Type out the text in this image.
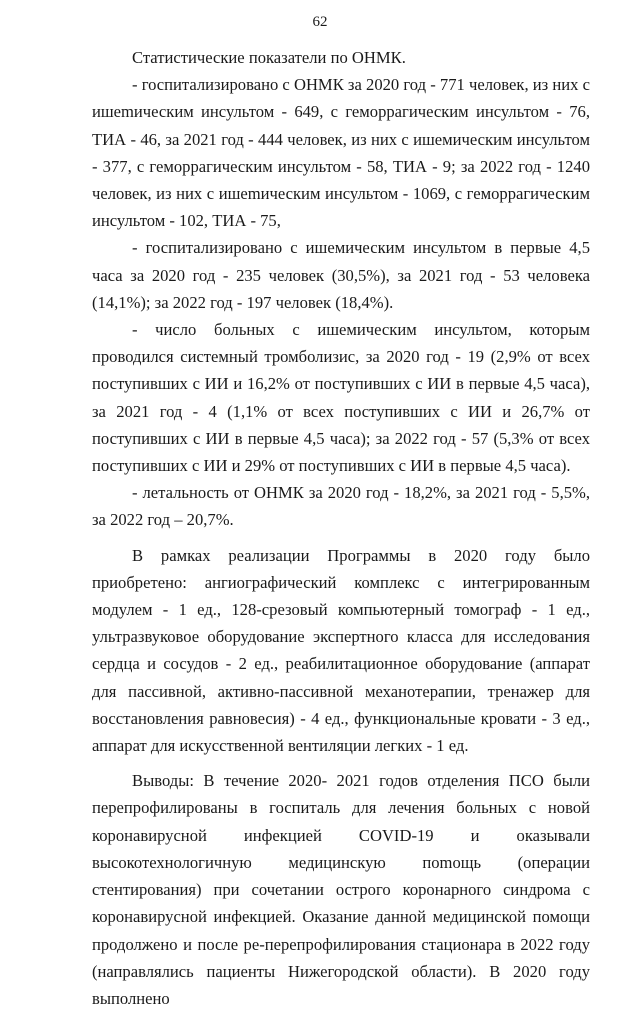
62

Статистические показатели по ОНМК.

- госпитализировано с ОНМК за 2020 год - 771 человек, из них с ишеmическим инсультом - 649, с геморрагическим инсультом - 76, ТИА - 46, за 2021 год - 444 человек, из них с ишемическим инсультом - 377, с геморрагическим инсультом - 58, ТИА - 9; за 2022 год - 1240 человек, из них с ишеmическим инсультом - 1069, с геморрагическим инсультом - 102, ТИА - 75,

- госпитализировано с ишемическим инсультом в первые 4,5 часа за 2020 год - 235 человек (30,5%), за 2021 год - 53 человека (14,1%); за 2022 год - 197 человек (18,4%).

- число больных с ишемическим инсультом, которым проводился системный тромболизис, за 2020 год - 19 (2,9% от всех поступивших с ИИ и 16,2% от поступивших с ИИ в первые 4,5 часа), за 2021 год - 4 (1,1% от всех поступивших с ИИ и 26,7% от поступивших с ИИ в первые 4,5 часа); за 2022 год - 57 (5,3% от всех поступивших с ИИ и 29% от поступивших с ИИ в первые 4,5 часа).

- летальность от ОНМК за 2020 год - 18,2%, за 2021 год - 5,5%, за 2022 год – 20,7%.

В рамках реализации Программы в 2020 году было приобретено: ангиографический комплекс с интегрированным модулем - 1 ед., 128-срезовый компьютерный томограф - 1 ед., ультразвуковое оборудование экспертного класса для исследования сердца и сосудов - 2 ед., реабилитационное оборудование (аппарат для пассивной, активно-пассивной механотерапии, тренажер для восстановления равновесия) - 4 ед., функциональные кровати - 3 ед., аппарат для искусственной вентиляции легких - 1 ед.

Выводы: В течение 2020- 2021 годов отделения ПСО были перепрофилированы в госпиталь для лечения больных с новой коронавирусной инфекцией COVID-19 и оказывали высокотехнологичную медицинскую поmощь (операции стентирования) при сочетании острого коронарного синдрома с коронавирусной инфекцией. Оказание данной медицинской помощи продолжено и после ре-перепрофилирования стационара в 2022 году (направлялись пациенты Нижегородской области). В 2020 году выполнено
